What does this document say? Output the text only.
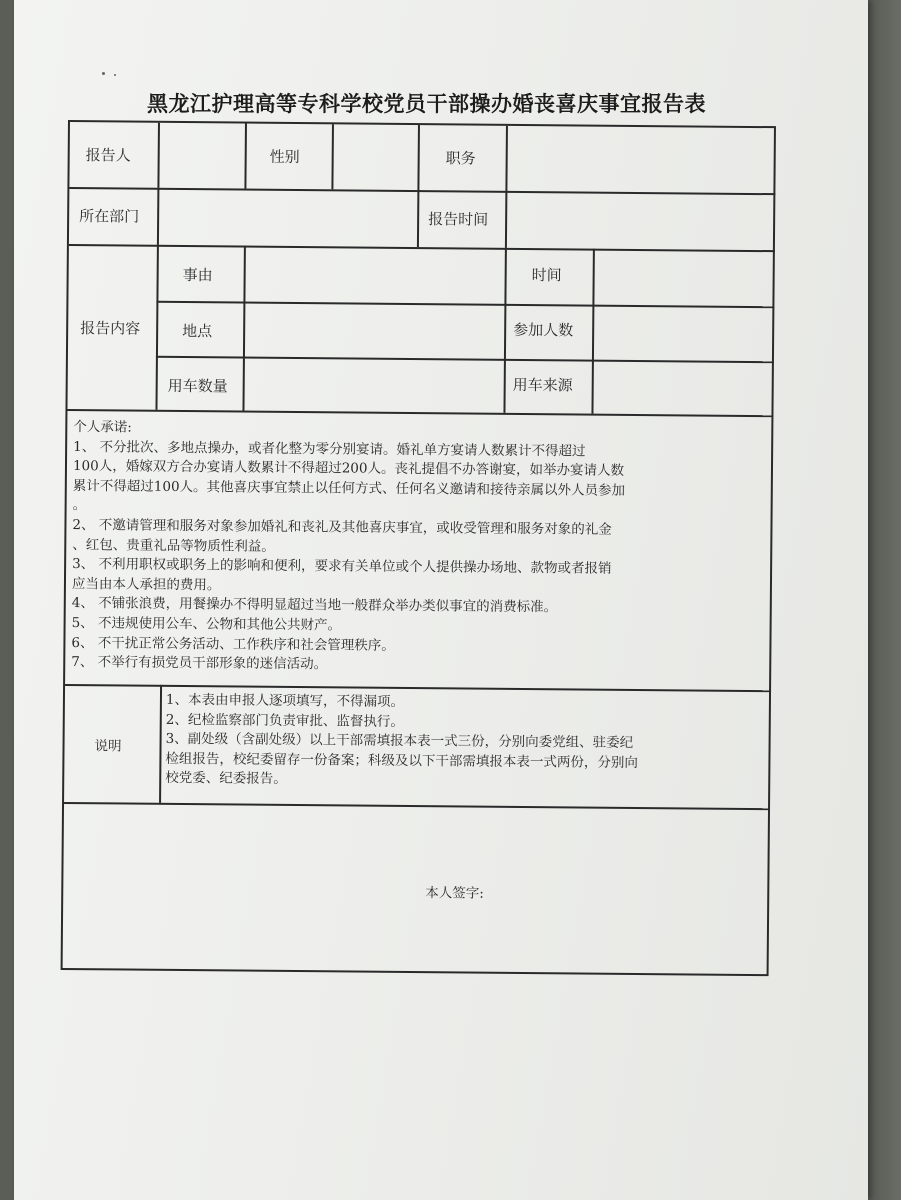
黑龙江护理高等专科学校党员干部操办婚丧喜庆事宜报告表
报告人	性别	职务
所在部门	报告时间
报告内容
事由	时间
地点	参加人数
用车数量	用车来源

个人承诺:

1、 不分批次、多地点操办，或者化整为零分别宴请。婚礼单方宴请人数累计不得超过

100人，婚嫁双方合办宴请人数累计不得超过200人。丧礼提倡不办答谢宴，如举办宴请人数

累计不得超过100人。其他喜庆事宜禁止以任何方式、任何名义邀请和接待亲属以外人员参加

。

2、 不邀请管理和服务对象参加婚礼和丧礼及其他喜庆事宜，或收受管理和服务对象的礼金

、红包、贵重礼品等物质性利益。

3、 不利用职权或职务上的影响和便利，要求有关单位或个人提供操办场地、款物或者报销

应当由本人承担的费用。

4、 不铺张浪费，用餐操办不得明显超过当地一般群众举办类似事宜的消费标准。

5、 不违规使用公车、公物和其他公共财产。

6、 不干扰正常公务活动、工作秩序和社会管理秩序。

7、 不举行有损党员干部形象的迷信活动。

说明

1、本表由申报人逐项填写，不得漏项。

2、纪检监察部门负责审批、监督执行。

3、副处级（含副处级）以上干部需填报本表一式三份，分别向委党组、驻委纪

检组报告，校纪委留存一份备案；科级及以下干部需填报本表一式两份，分别向

校党委、纪委报告。

本人签字:
